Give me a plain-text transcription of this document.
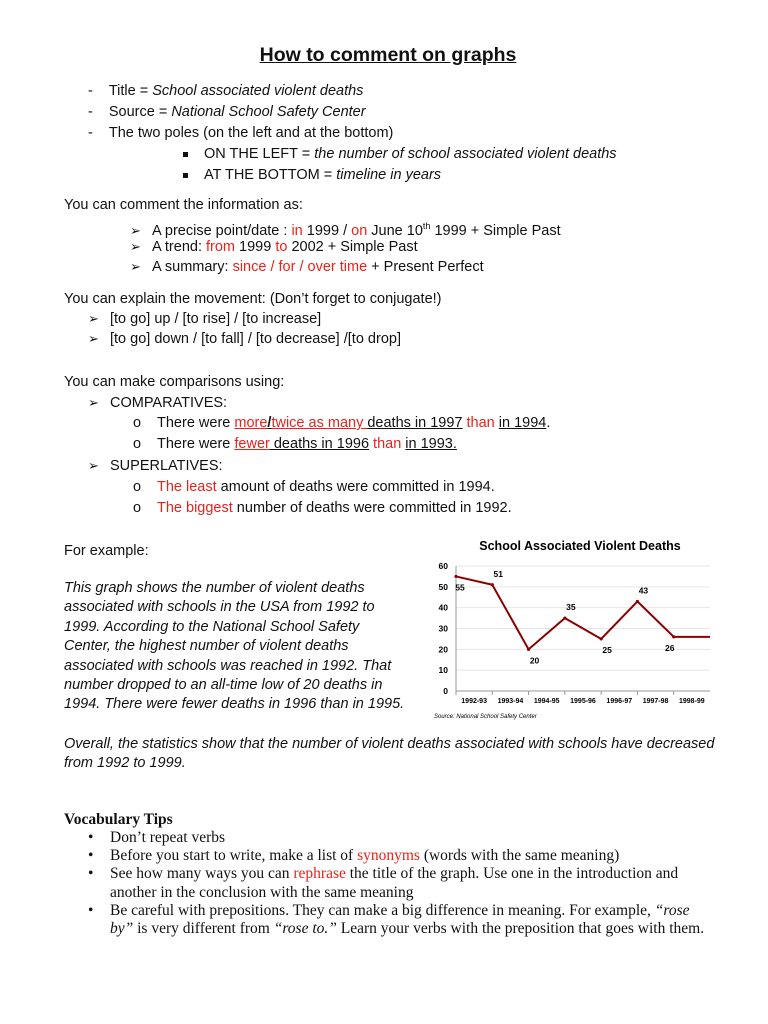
How to comment on graphs
- Title = School associated violent deaths
- Source = National School Safety Center
- The two poles (on the left and at the bottom)
ON THE LEFT = the number of school associated violent deaths
AT THE BOTTOM = timeline in years
You can comment the information as:
➢ A precise point/date : in 1999 / on June 10th 1999 + Simple Past
➢ A trend: from 1999 to 2002 + Simple Past
➢ A summary: since / for / over time + Present Perfect
You can explain the movement: (Don’t forget to conjugate!)
➢ [to go] up / [to rise] / [to increase]
➢ [to go] down / [to fall] / [to decrease] /[to drop]
You can make comparisons using:
➢ COMPARATIVES:
o There were more/twice as many deaths in 1997 than in 1994.
o There were fewer deaths in 1996 than in 1993.
➢ SUPERLATIVES:
o The least amount of deaths were committed in 1994.
o The biggest number of deaths were committed in 1992.
For example:
This graph shows the number of violent deaths associated with schools in the USA from 1992 to 1999. According to the National School Safety Center, the highest number of violent deaths associated with schools was reached in 1992. That number dropped to an all-time low of 20 deaths in 1994. There were fewer deaths in 1996 than in 1995.
Overall, the statistics show that the number of violent deaths associated with schools have decreased from 1992 to 1999.
School Associated Violent Deaths
0
10
20
30
40
50
60
1992-93 1993-94 1994-95 1995-96 1996-97 1997-98 1998-99
55
51
20
35
25
43
26
Source: National School Safety Center
Vocabulary Tips
• Don’t repeat verbs
• Before you start to write, make a list of synonyms (words with the same meaning)
• See how many ways you can rephrase the title of the graph. Use one in the introduction and another in the conclusion with the same meaning
• Be careful with prepositions. They can make a big difference in meaning. For example, “rose by” is very different from “rose to.” Learn your verbs with the preposition that goes with them.
